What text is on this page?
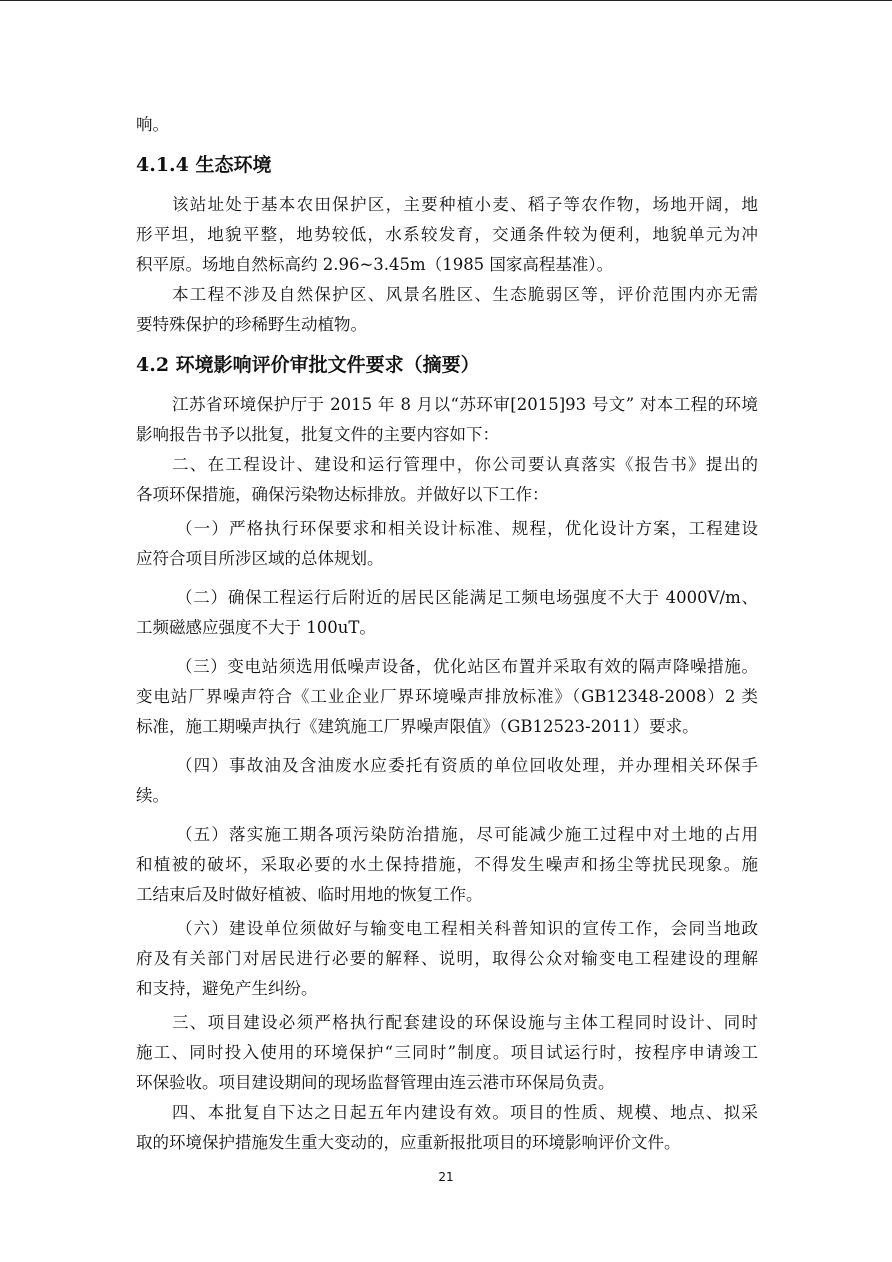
响。

4.1.4 生态环境

该站址处于基本农田保护区，主要种植小麦、稻子等农作物，场地开阔，地

形平坦，地貌平整，地势较低，水系较发育，交通条件较为便利，地貌单元为冲

积平原。场地自然标高约 2.96~3.45m（1985 国家高程基准）。

本工程不涉及自然保护区、风景名胜区、生态脆弱区等，评价范围内亦无需

要特殊保护的珍稀野生动植物。

4.2 环境影响评价审批文件要求（摘要）

江苏省环境保护厅于 2015 年 8 月以“苏环审[2015]93 号文” 对本工程的环境

影响报告书予以批复，批复文件的主要内容如下：

二、在工程设计、建设和运行管理中，你公司要认真落实《报告书》提出的

各项环保措施，确保污染物达标排放。并做好以下工作：

（一）严格执行环保要求和相关设计标准、规程，优化设计方案，工程建设

应符合项目所涉区域的总体规划。

（二）确保工程运行后附近的居民区能满足工频电场强度不大于 4000V/m、

工频磁感应强度不大于 100uT。

（三）变电站须选用低噪声设备，优化站区布置并采取有效的隔声降噪措施。

变电站厂界噪声符合《工业企业厂界环境噪声排放标准》（GB12348-2008）2 类

标准，施工期噪声执行《建筑施工厂界噪声限值》（GB12523-2011）要求。

（四）事故油及含油废水应委托有资质的单位回收处理，并办理相关环保手

续。

（五）落实施工期各项污染防治措施，尽可能减少施工过程中对土地的占用

和植被的破坏，采取必要的水土保持措施，不得发生噪声和扬尘等扰民现象。施

工结束后及时做好植被、临时用地的恢复工作。

（六）建设单位须做好与输变电工程相关科普知识的宣传工作，会同当地政

府及有关部门对居民进行必要的解释、说明，取得公众对输变电工程建设的理解

和支持，避免产生纠纷。

三、项目建设必须严格执行配套建设的环保设施与主体工程同时设计、同时

施工、同时投入使用的环境保护“三同时”制度。项目试运行时，按程序申请竣工

环保验收。项目建设期间的现场监督管理由连云港市环保局负责。

四、本批复自下达之日起五年内建设有效。项目的性质、规模、地点、拟采

取的环境保护措施发生重大变动的，应重新报批项目的环境影响评价文件。

21
